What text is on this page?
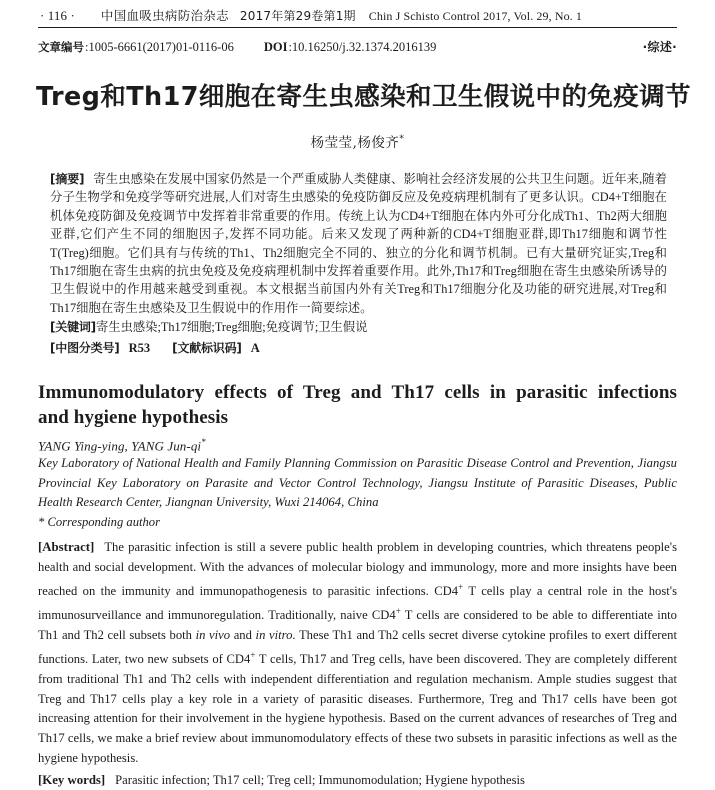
· 116 ·	中国血吸虫病防治杂志 2017年第29卷第1期	Chin J Schisto Control 2017, Vol. 29, No. 1
文章编号 :1005-6661(2017)01-0116-06	DOI :10.16250/j.32.1374.2016139	·综述·
Treg和Th17细胞在寄生虫感染和卫生假说中的免疫调节
杨莹莹,杨俊齐*
[摘要] 寄生虫感染在发展中国家仍然是一个严重威胁人类健康、影响社会经济发展的公共卫生问题。近年来,随着分子生物学和免疫学等研究进展,人们对寄生虫感染的免疫防御反应及免疫病理机制有了更多认识。CD4+T细胞在机体免疫防御及免疫调节中发挥着非常重要的作用。传统上认为CD4+T细胞在体内外可分化成Th1、Th2两大细胞亚群,它们产生不同的细胞因子,发挥不同功能。后来又发现了两种新的CD4+T细胞亚群,即Th17细胞和调节性T(Treg)细胞。它们具有与传统的Th1、Th2细胞完全不同的、独立的分化和调节机制。已有大量研究证实,Treg和Th17细胞在寄生虫病的抗虫免疫及免疫病理机制中发挥着重要作用。此外,Th17和Treg细胞在寄生虫感染所诱导的卫生假说中的作用越来越受到重视。本文根据当前国内外有关Treg和Th17细胞分化及功能的研究进展,对Treg和Th17细胞在寄生虫感染及卫生假说中的作用作一简要综述。
[关键词]寄生虫感染;Th17细胞;Treg细胞;免疫调节;卫生假说
[中图分类号] R53 [文献标识码] A
Immunomodulatory effects of Treg and Th17 cells in parasitic infections
and hygiene hypothesis
YANG Ying-ying, YANG Jun-qi*
Key Laboratory of National Health and Family Planning Commission on Parasitic Disease Control and Prevention, Jiangsu Provincial Key Laboratory on Parasite and Vector Control Technology, Jiangsu Institute of Parasitic Diseases, Public Health Research Center, Jiangnan University, Wuxi 214064, China
* Corresponding author
[Abstract] The parasitic infection is still a severe public health problem in developing countries, which threatens people's health and social development. With the advances of molecular biology and immunology, more and more insights have been reached on the immunity and immunopathogenesis to parasitic infections. CD4+ T cells play a central role in the host's immunosurveillance and immunoregulation. Traditionally, naive CD4+ T cells are considered to be able to differentiate into Th1 and Th2 cell subsets both in vivo and in vitro. These Th1 and Th2 cells secret diverse cytokine profiles to exert different functions. Later, two new subsets of CD4+ T cells, Th17 and Treg cells, have been discovered. They are completely different from traditional Th1 and Th2 cells with independent differentiation and regulation mechanism. Ample studies suggest that Treg and Th17 cells play a key role in a variety of parasitic diseases. Furthermore, Treg and Th17 cells have been got increasing attention for their involvement in the hygiene hypothesis. Based on the current advances of researches of Treg and Th17 cells, we make a brief review about immunomodulatory effects of these two subsets in parasitic infections as well as the hygiene hypothesis.
[Key words] Parasitic infection; Th17 cell; Treg cell; Immunomodulation; Hygiene hypothesis
